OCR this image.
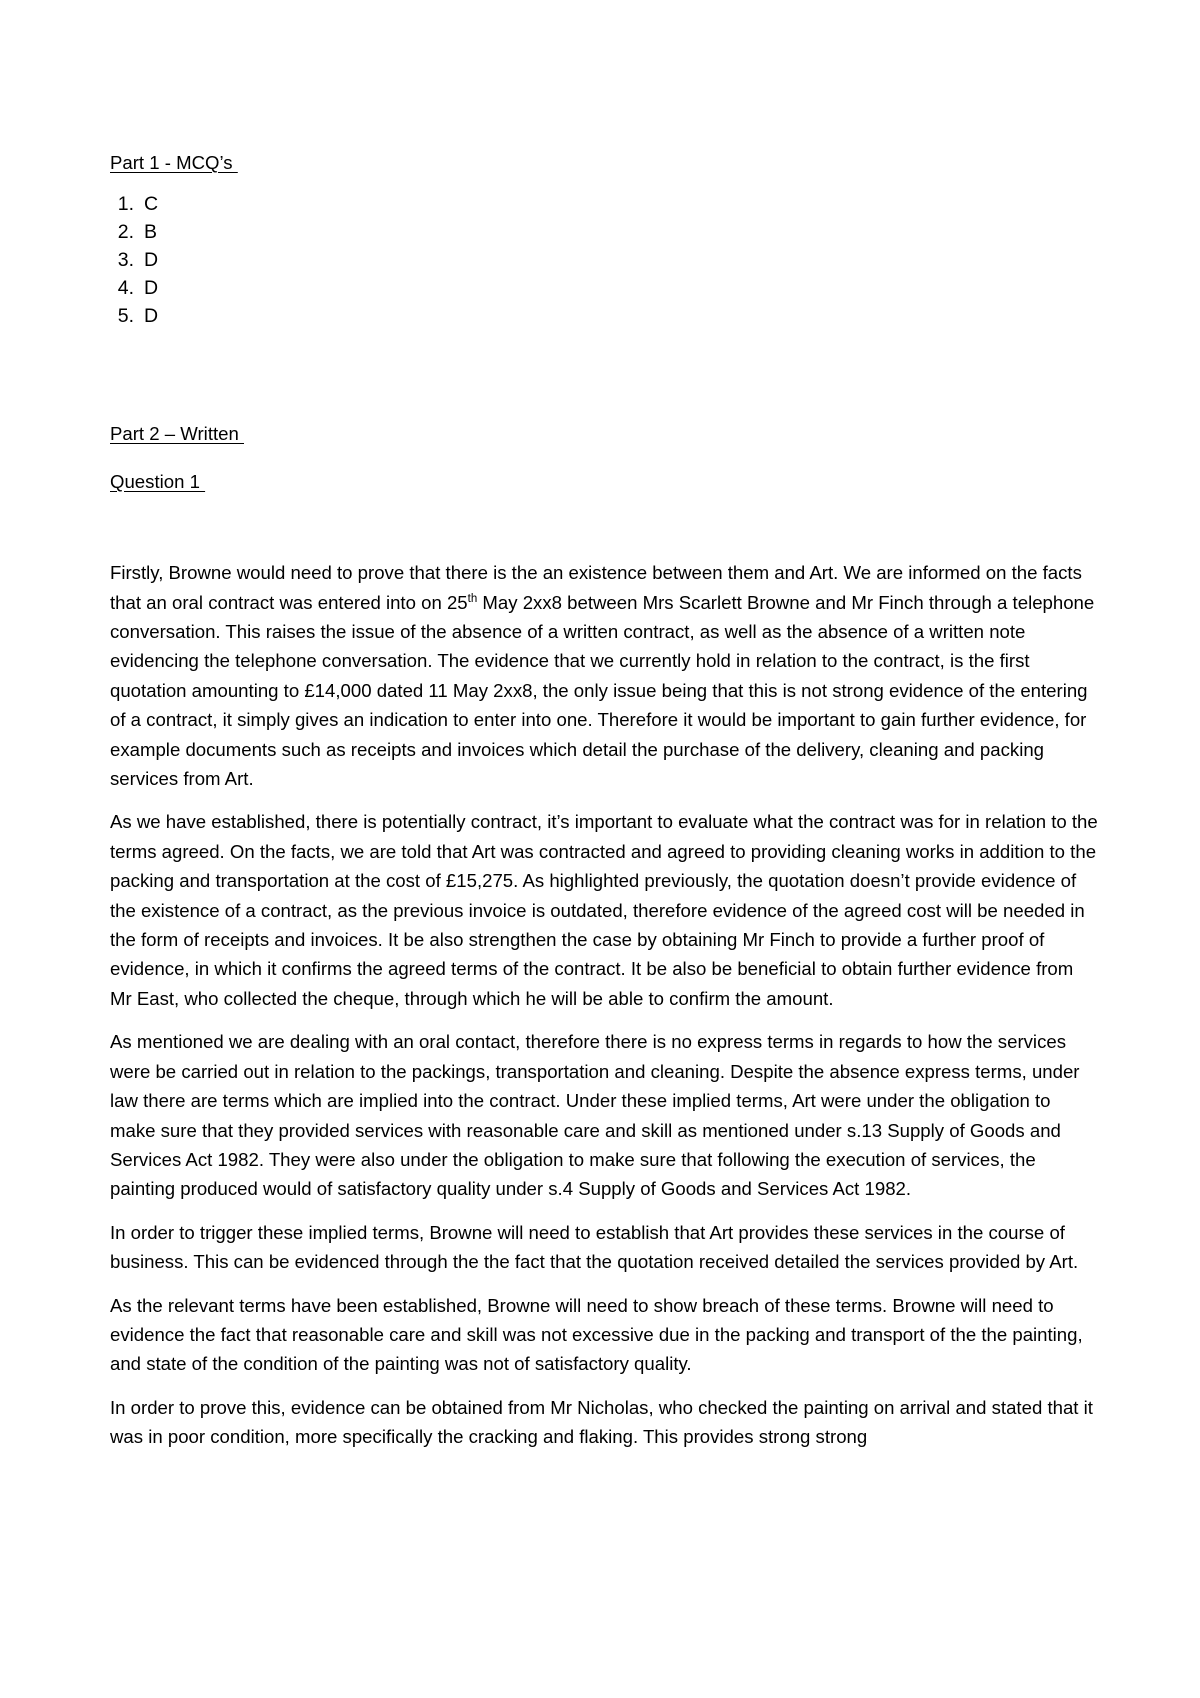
Part 1 - MCQ’s

1. C
2. B
3. D
4. D
5. D

Part 2 – Written

Question 1

Firstly, Browne would need to prove that there is the an existence between them and Art. We are informed on the facts that an oral contract was entered into on 25th May 2xx8 between Mrs Scarlett Browne and Mr Finch through a telephone conversation. This raises the issue of the absence of a written contract, as well as the absence of a written note evidencing the telephone conversation. The evidence that we currently hold in relation to the contract, is the first quotation amounting to £14,000 dated 11 May 2xx8, the only issue being that this is not strong evidence of the entering of a contract, it simply gives an indication to enter into one. Therefore it would be important to gain further evidence, for example documents such as receipts and invoices which detail the purchase of the delivery, cleaning and packing services from Art.

As we have established, there is potentially contract, it’s important to evaluate what the contract was for in relation to the terms agreed. On the facts, we are told that Art was contracted and agreed to providing cleaning works in addition to the packing and transportation at the cost of £15,275. As highlighted previously, the quotation doesn’t provide evidence of the existence of a contract, as the previous invoice is outdated, therefore evidence of the agreed cost will be needed in the form of receipts and invoices. It be also strengthen the case by obtaining Mr Finch to provide a further proof of evidence, in which it confirms the agreed terms of the contract. It be also be beneficial to obtain further evidence from Mr East, who collected the cheque, through which he will be able to confirm the amount.

As mentioned we are dealing with an oral contact, therefore there is no express terms in regards to how the services were be carried out in relation to the packings, transportation and cleaning. Despite the absence express terms, under law there are terms which are implied into the contract. Under these implied terms, Art were under the obligation to make sure that they provided services with reasonable care and skill as mentioned under s.13 Supply of Goods and Services Act 1982. They were also under the obligation to make sure that following the execution of services, the painting produced would of satisfactory quality under s.4 Supply of Goods and Services Act 1982.

In order to trigger these implied terms, Browne will need to establish that Art provides these services in the course of business. This can be evidenced through the the fact that the quotation received detailed the services provided by Art.

As the relevant terms have been established, Browne will need to show breach of these terms. Browne will need to evidence the fact that reasonable care and skill was not excessive due in the packing and transport of the the painting, and state of the condition of the painting was not of satisfactory quality.

In order to prove this, evidence can be obtained from Mr Nicholas, who checked the painting on arrival and stated that it was in poor condition, more specifically the cracking and flaking. This provides strong strong
